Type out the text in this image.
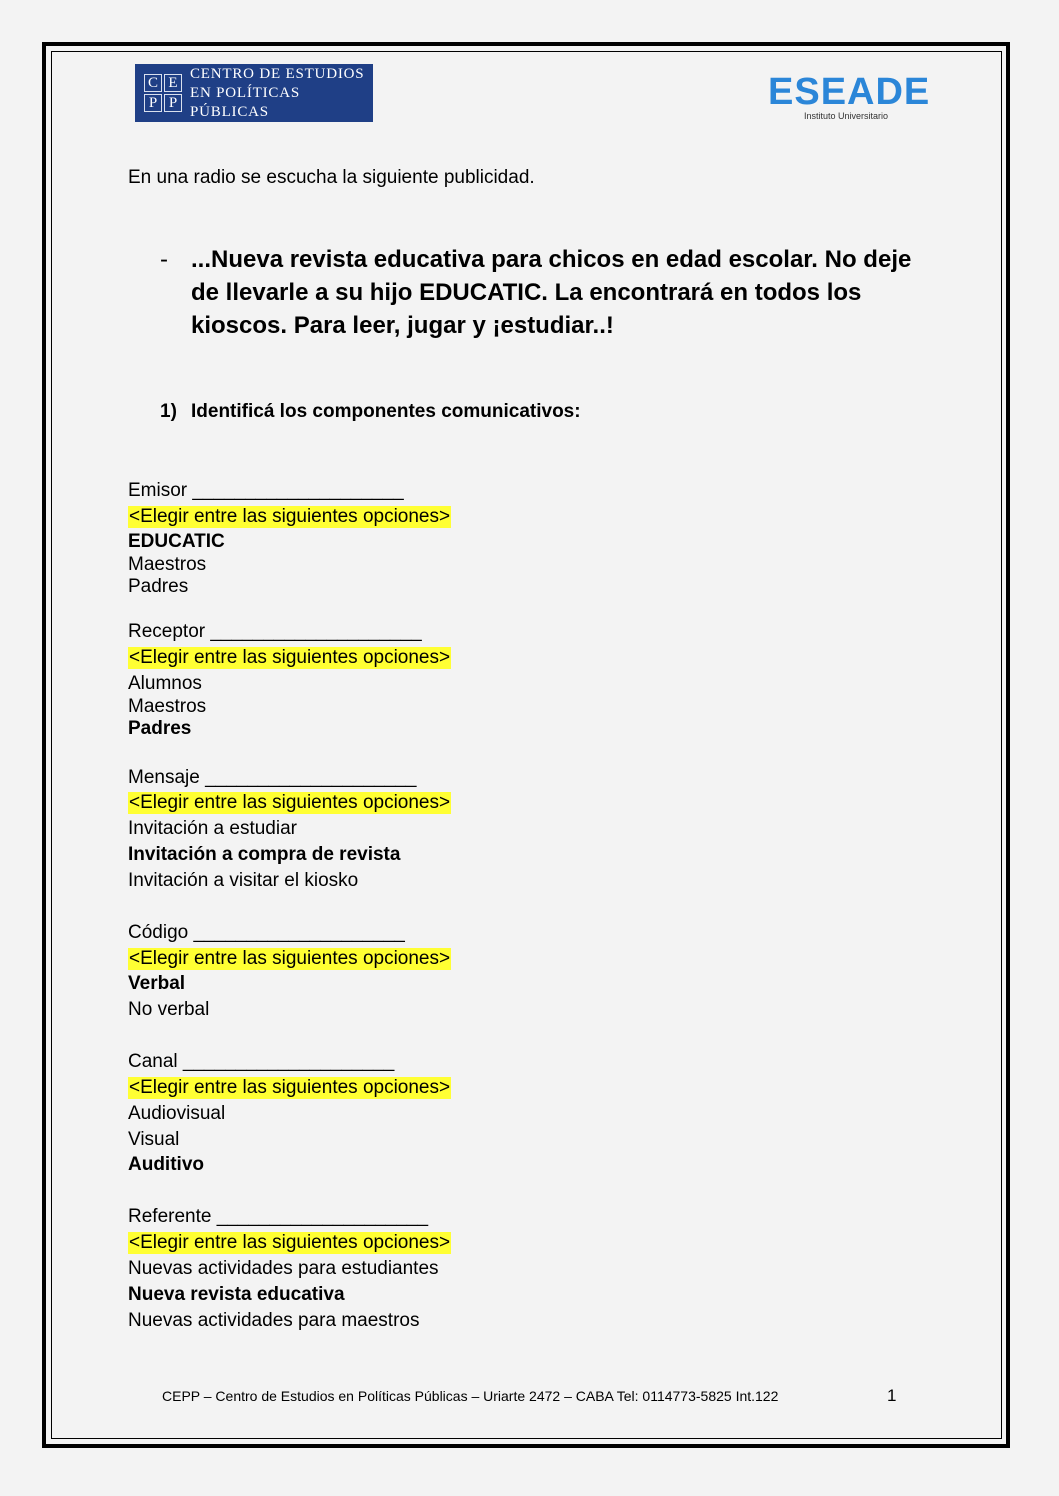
C E
P P
CENTRO DE ESTUDIOS
EN POLÍTICAS PÚBLICAS	ESEADE
Instituto Universitario
En una radio se escucha la siguiente publicidad.
- ...Nueva revista educativa para chicos en edad escolar. No deje de llevarle a su hijo EDUCATIC. La encontrará en todos los kioscos. Para leer, jugar y ¡estudiar..!
1) Identificá los componentes comunicativos:
Emisor ____________________
<Elegir entre las siguientes opciones>
EDUCATIC
Maestros
Padres
Receptor ____________________
<Elegir entre las siguientes opciones>
Alumnos
Maestros
Padres
Mensaje ____________________
<Elegir entre las siguientes opciones>
Invitación a estudiar
Invitación a compra de revista
Invitación a visitar el kiosko
Código ____________________
<Elegir entre las siguientes opciones>
Verbal
No verbal
Canal ____________________
<Elegir entre las siguientes opciones>
Audiovisual
Visual
Auditivo
Referente ____________________
<Elegir entre las siguientes opciones>
Nuevas actividades para estudiantes
Nueva revista educativa
Nuevas actividades para maestros
CEPP – Centro de Estudios en Políticas Públicas – Uriarte 2472 – CABA Tel: 0114773-5825 Int.122	1
